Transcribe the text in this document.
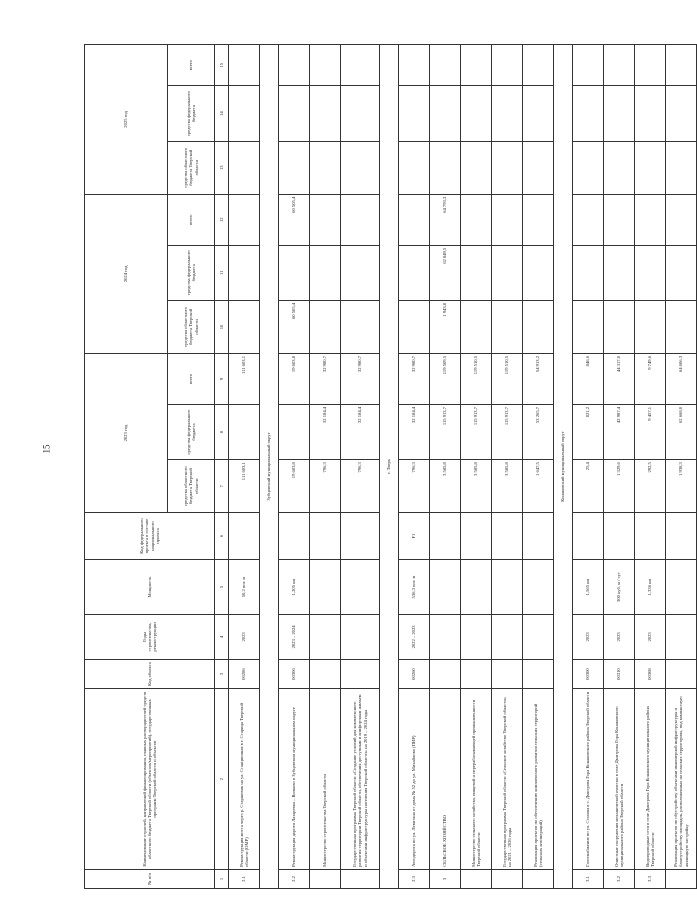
15
№ п/п	Наименование отраслей, направлений финансирования, главных распорядителей средств областного бюджета Тверской области (объектов/мероприятий), государственных программ Тверской области и объектов	Код объекта	Годы строительства, реконструкции	Мощность	Код федерального проекта в составе национального проекта	2023 год			2024 год			2025 год		
						средства областного бюджета Тверской области	средства федерального бюджета	всего	средства областного бюджета Тверской области	средства федерального бюджета	всего	средства областного бюджета Тверской области	средства федерального бюджета	всего
1	2	3	4	5	6	7	8	9	10	11	12	13	14	15
2.1	Реконструкция моста через р. Старшевик на ул. Станционная в г. Старица Тверской области (ОМР)	00286	2023	50,2 пог. м		111 603,1		111 603,1						
Зубцовский муниципальный округ														
2.2	Реконструкция дороги Лазаревка – Волково в Зубцовском муниципальном округе	00306	2023 – 2024	1,205 км		19 603,8		19 603,8	60 505,4		60 505,4			
	Министерство строительства Тверской области					796,3	32 184,4	32 980,7						
	Государственная программа Тверской области «Создание условий для комплексного развития территории Тверской области, обеспечения доступным и комфортным жильем и объектами инфраструктуры населения Тверской области» на 2019 – 2024 годы					796,3	32 184,4	32 980,7						
г. Тверь														
2.3	Автодорога по ул. Левитана от дома № 52 до ул. Михайлово (ПИР)	00260	2022 – 2023	536,3 пог. м	F1	796,3	32 184,4	32 980,7						
3	СЕЛЬСКОЕ ХОЗЯЙСТВО					3 585,8	115 913,7	119 509,5	1 943,8	62 849,5	64 793,3			
	Министерство сельского хозяйства, пищевой и перерабатывающей промышленности Тверской области					3 585,8	115 913,7	119 510,5						
	Государственная программа Тверской области «Сельское хозяйство Тверской области» на 2021 – 2026 годы					3 585,8	115 913,7	119 510,5						
	Реализация проектов по обеспечению комплексного развития сельских территорий (сельских агломераций)					1 647,5	53 265,7	54 913,2						
Конаковский муниципальный округ														
3.1	Газоснабжение по ул. Стахова в с. Дмитрова Гора Конаковского района Тверской области	00300	2023	1,565 км		25,4	821,2	846,6						
3.2	Очистные сооружения механической очистки в селе Дмитрова Гора Конаковского муниципального района Тверской области	00310	2023	300 куб. м / сут		1 329,6	42 987,4	44 317,0						
3.3	Водопроводные сети в селе Дмитрова Гора Конаковского муниципального района Тверской области	00308	2023	1,336 км		292,5	9 457,1	9 749,6						
	Реализация проектов по обустройству объектами инженерной инфраструктуры и благоустройству площадок, расположенных на сельских территориях, под компактную жилищную застройку					1 938,3	62 668,0	64 606,3						
